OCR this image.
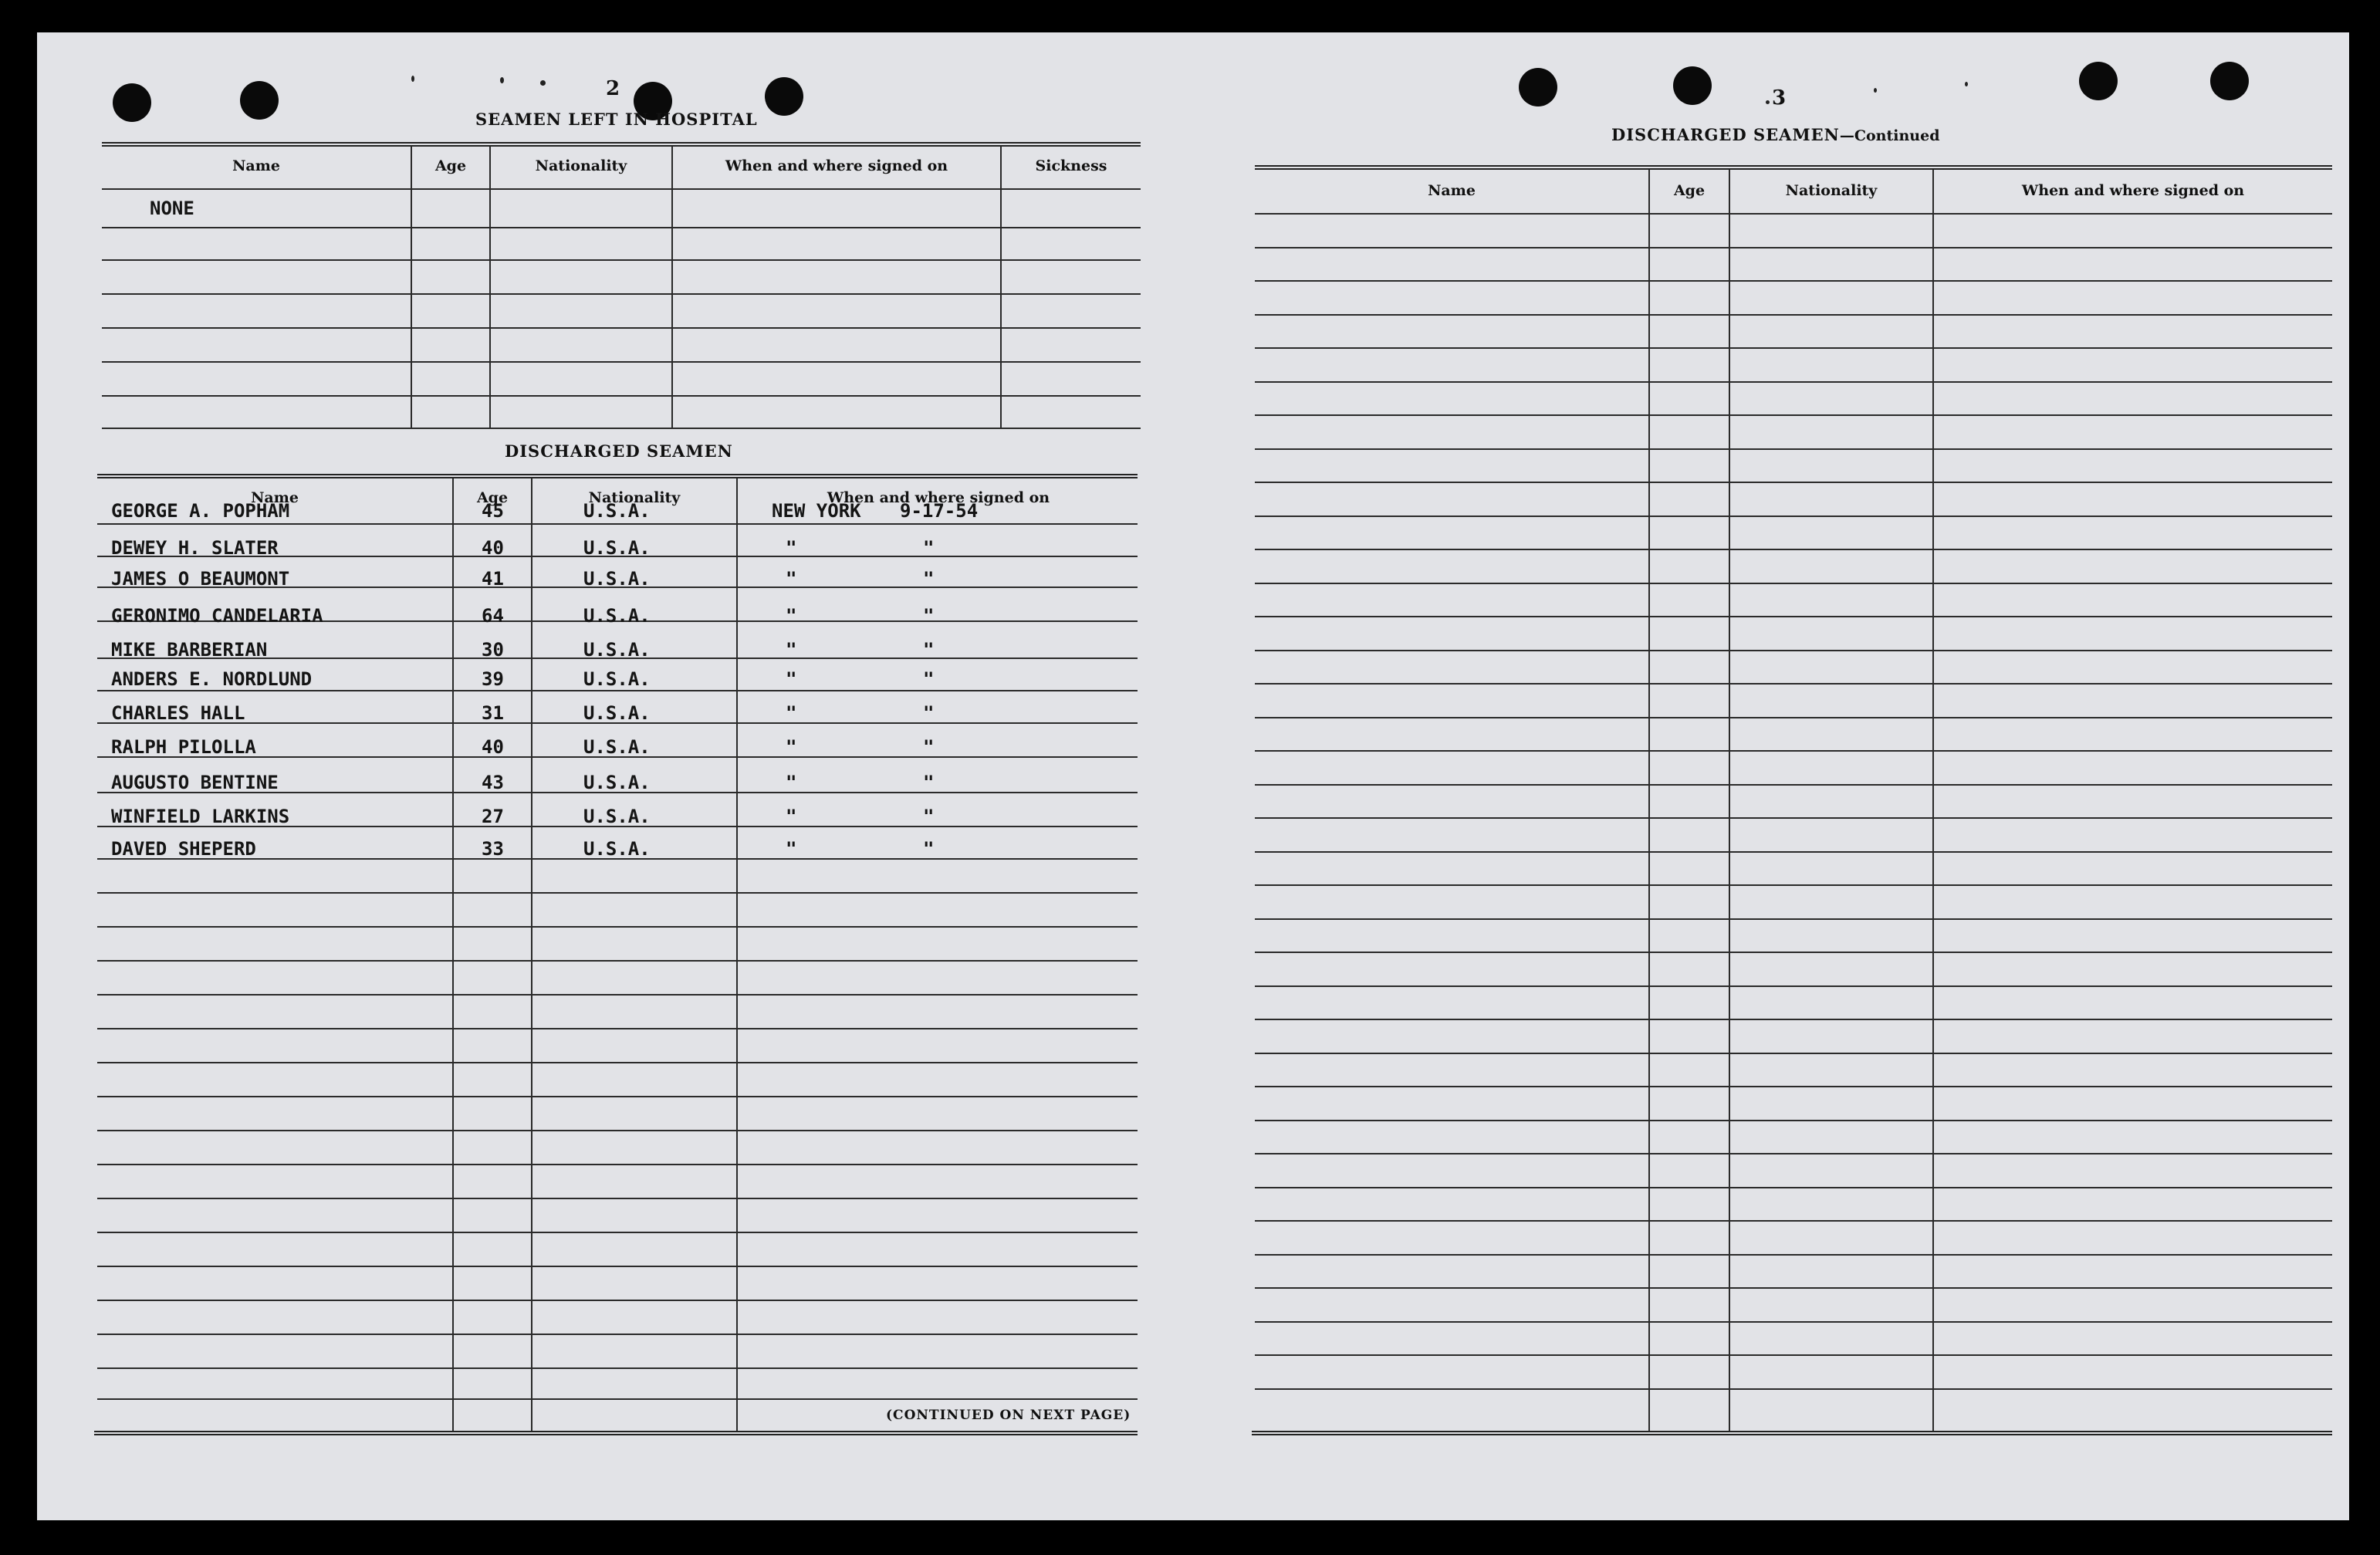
2
SEAMEN LEFT IN HOSPITAL
Name	Age	Nationality	When and where signed on	Sickness
NONE
DISCHARGED SEAMEN
Name	Age	Nationality	When and where signed on
GEORGE A. POPHAM	45	U.S.A.	NEW YORK 9-17-54
DEWEY H. SLATER	40	U.S.A.	"	"
JAMES O BEAUMONT	41	U.S.A.	"	"
GERONIMO CANDELARIA	64	U.S.A.	"	"
MIKE BARBERIAN	30	U.S.A.	"	"
ANDERS E. NORDLUND	39	U.S.A.	"	"
CHARLES HALL	31	U.S.A.	"	"
RALPH PILOLLA	40	U.S.A.	"	"
AUGUSTO BENTINE	43	U.S.A.	"	"
WINFIELD LARKINS	27	U.S.A.	"	"
DAVED SHEPERD	33	U.S.A.	"	"
(CONTINUED ON NEXT PAGE)
3
DISCHARGED SEAMEN—Continued
Name	Age	Nationality	When and where signed on
